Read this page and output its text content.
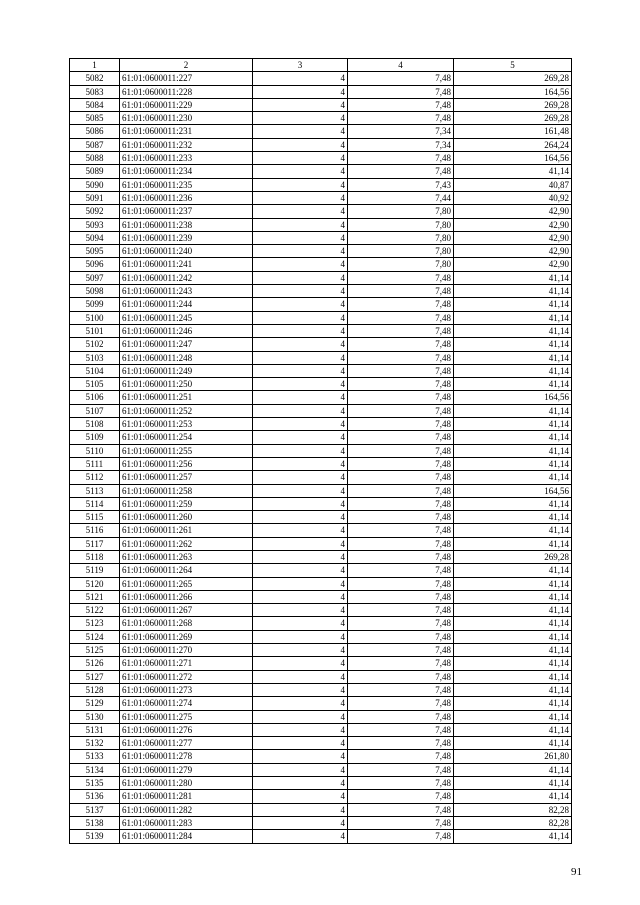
1	2	3	4	5
5082	61:01:0600011:227	4	7,48	269,28
5083	61:01:0600011:228	4	7,48	164,56
5084	61:01:0600011:229	4	7,48	269,28
5085	61:01:0600011:230	4	7,48	269,28
5086	61:01:0600011:231	4	7,34	161,48
5087	61:01:0600011:232	4	7,34	264,24
5088	61:01:0600011:233	4	7,48	164,56
5089	61:01:0600011:234	4	7,48	41,14
5090	61:01:0600011:235	4	7,43	40,87
5091	61:01:0600011:236	4	7,44	40,92
5092	61:01:0600011:237	4	7,80	42,90
5093	61:01:0600011:238	4	7,80	42,90
5094	61:01:0600011:239	4	7,80	42,90
5095	61:01:0600011:240	4	7,80	42,90
5096	61:01:0600011:241	4	7,80	42,90
5097	61:01:0600011:242	4	7,48	41,14
5098	61:01:0600011:243	4	7,48	41,14
5099	61:01:0600011:244	4	7,48	41,14
5100	61:01:0600011:245	4	7,48	41,14
5101	61:01:0600011:246	4	7,48	41,14
5102	61:01:0600011:247	4	7,48	41,14
5103	61:01:0600011:248	4	7,48	41,14
5104	61:01:0600011:249	4	7,48	41,14
5105	61:01:0600011:250	4	7,48	41,14
5106	61:01:0600011:251	4	7,48	164,56
5107	61:01:0600011:252	4	7,48	41,14
5108	61:01:0600011:253	4	7,48	41,14
5109	61:01:0600011:254	4	7,48	41,14
5110	61:01:0600011:255	4	7,48	41,14
5111	61:01:0600011:256	4	7,48	41,14
5112	61:01:0600011:257	4	7,48	41,14
5113	61:01:0600011:258	4	7,48	164,56
5114	61:01:0600011:259	4	7,48	41,14
5115	61:01:0600011:260	4	7,48	41,14
5116	61:01:0600011:261	4	7,48	41,14
5117	61:01:0600011:262	4	7,48	41,14
5118	61:01:0600011:263	4	7,48	269,28
5119	61:01:0600011:264	4	7,48	41,14
5120	61:01:0600011:265	4	7,48	41,14
5121	61:01:0600011:266	4	7,48	41,14
5122	61:01:0600011:267	4	7,48	41,14
5123	61:01:0600011:268	4	7,48	41,14
5124	61:01:0600011:269	4	7,48	41,14
5125	61:01:0600011:270	4	7,48	41,14
5126	61:01:0600011:271	4	7,48	41,14
5127	61:01:0600011:272	4	7,48	41,14
5128	61:01:0600011:273	4	7,48	41,14
5129	61:01:0600011:274	4	7,48	41,14
5130	61:01:0600011:275	4	7,48	41,14
5131	61:01:0600011:276	4	7,48	41,14
5132	61:01:0600011:277	4	7,48	41,14
5133	61:01:0600011:278	4	7,48	261,80
5134	61:01:0600011:279	4	7,48	41,14
5135	61:01:0600011:280	4	7,48	41,14
5136	61:01:0600011:281	4	7,48	41,14
5137	61:01:0600011:282	4	7,48	82,28
5138	61:01:0600011:283	4	7,48	82,28
5139	61:01:0600011:284	4	7,48	41,14
91
